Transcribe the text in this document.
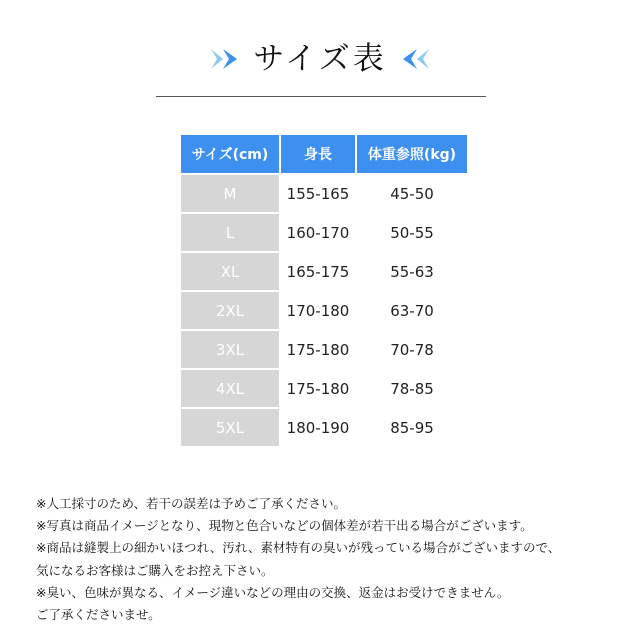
サイズ表
サイズ(cm)	身長	体重参照(kg)
M	155-165	45-50
L	160-170	50-55
XL	165-175	55-63
2XL	170-180	63-70
3XL	175-180	70-78
4XL	175-180	78-85
5XL	180-190	85-95

※人工採寸のため、若干の誤差は予めご了承ください。

※写真は商品イメージとなり、現物と色合いなどの個体差が若干出る場合がございます。

※商品は縫製上の細かいほつれ、汚れ、素材特有の臭いが残っている場合がございますので、

気になるお客様はご購入をお控え下さい。

※臭い、色味が異なる、イメージ違いなどの理由の交換、返金はお受けできません。

ご了承くださいませ。
